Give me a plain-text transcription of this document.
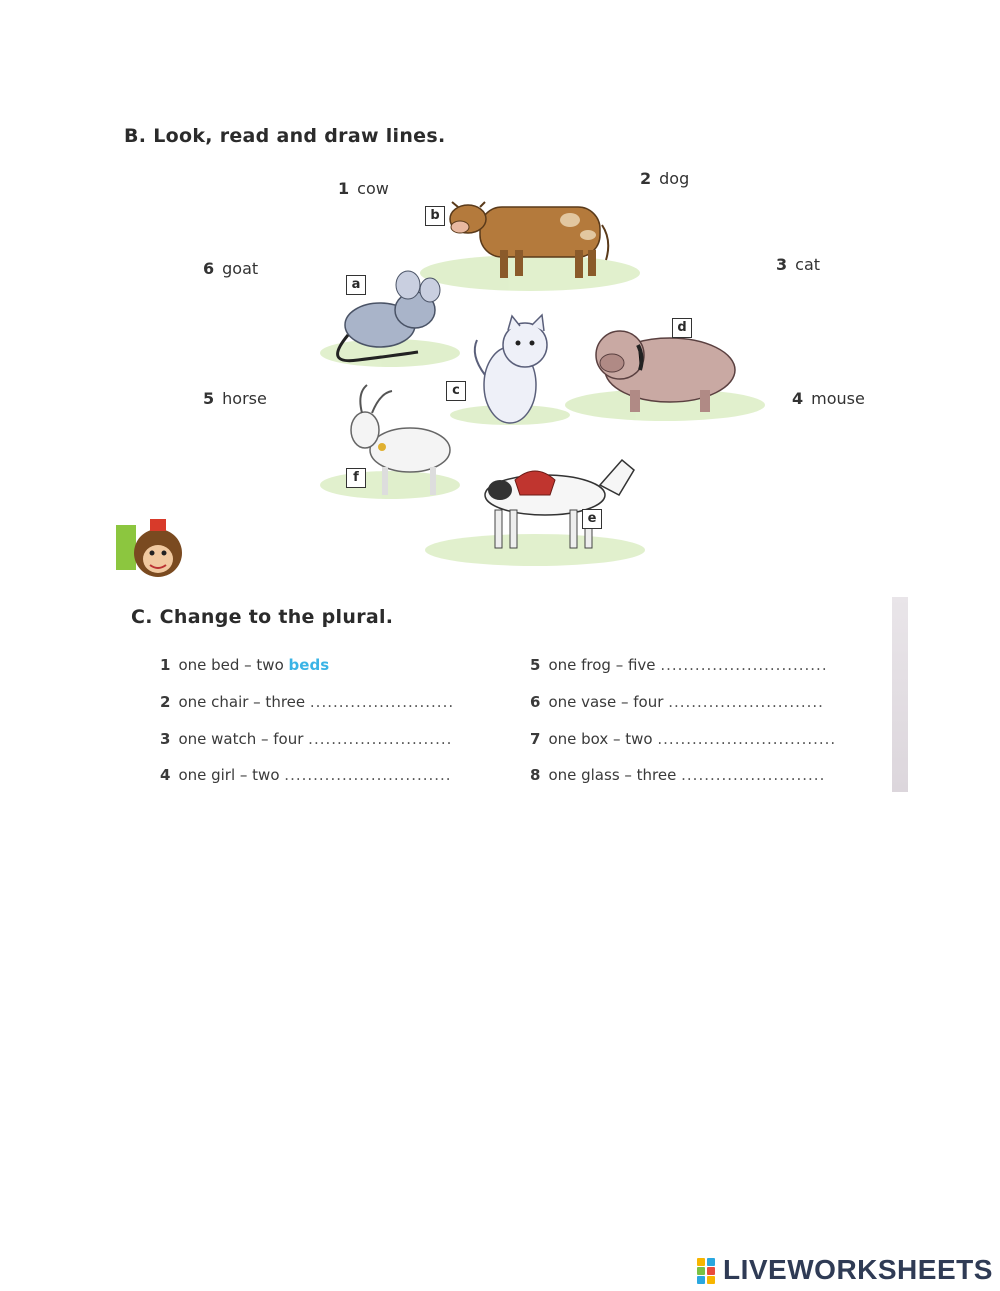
B. Look, read and draw lines.
1 cow
2 dog
3 cat
4 mouse
5 horse
6 goat
b
a
d
c
f
e
C. Change to the plural.
1 one bed – two beds
2 one chair – three .........................
3 one watch – four .........................
4 one girl – two .............................
5 one frog – five .............................
6 one vase – four ...........................
7 one box – two ...............................
8 one glass – three .........................
LIVEWORKSHEETS
